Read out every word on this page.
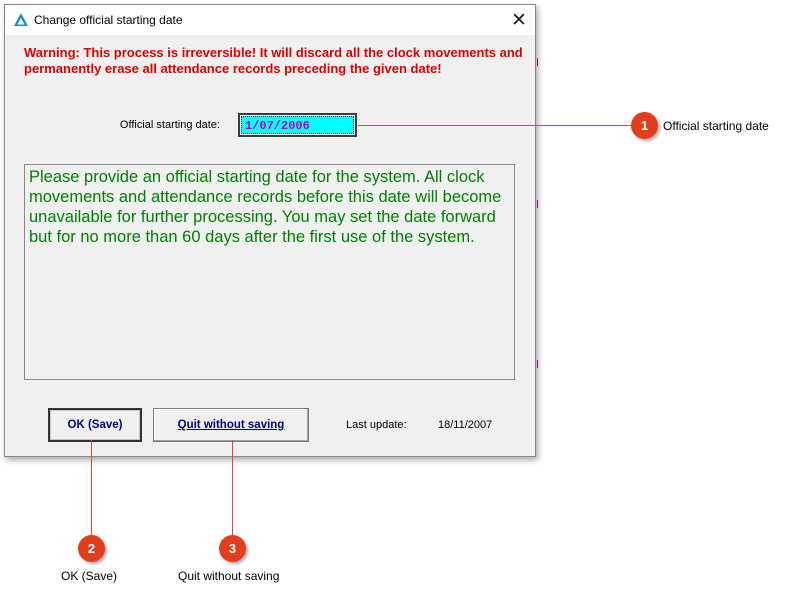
Change official starting date	✕
Warning: This process is irreversible! It will discard all the clock movements and permanently erase all attendance records preceding the given date!
Official starting date:	1/07/2006
Please provide an official starting date for the system. All clock movements and attendance records before this date will become unavailable for further processing. You may set the date forward but for no more than 60 days after the first use of the system.
OK (Save)	Quit without saving	Last update:	18/11/2007
1	Official starting date
2
OK (Save)
3
Quit without saving
